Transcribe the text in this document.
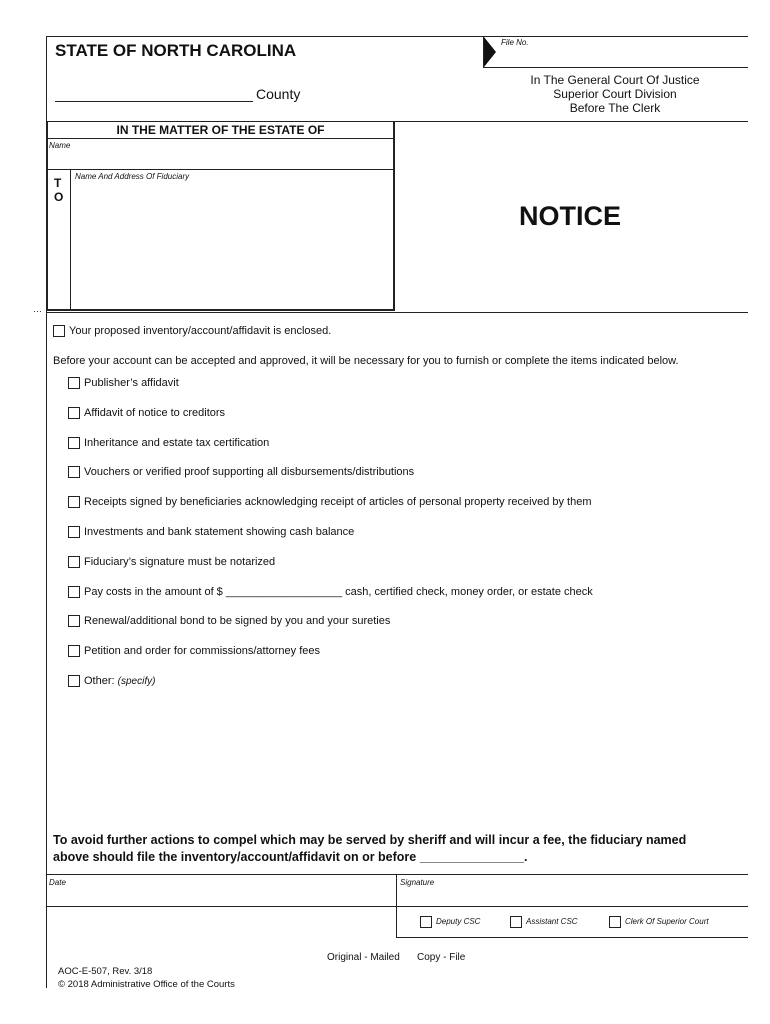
STATE OF NORTH CAROLINA
County
File No.
In The General Court Of Justice
Superior Court Division
Before The Clerk
IN THE MATTER OF THE ESTATE OF
Name
T
O
Name And Address Of Fiduciary
NOTICE
…
Your proposed inventory/account/affidavit is enclosed.
Before your account can be accepted and approved, it will be necessary for you to furnish or complete the items indicated below.
Publisher’s affidavit
Affidavit of notice to creditors
Inheritance and estate tax certification
Vouchers or verified proof supporting all disbursements/distributions
Receipts signed by beneficiaries acknowledging receipt of articles of personal property received by them
Investments and bank statement showing cash balance
Fiduciary’s signature must be notarized
Pay costs in the amount of $ ___________________ cash, certified check, money order, or estate check
Renewal/additional bond to be signed by you and your sureties
Petition and order for commissions/attorney fees
Other: (specify)
To avoid further actions to compel which may be served by sheriff and will incur a fee, the fiduciary named
above should file the inventory/account/affidavit on or before _______________.
Date	Signature
Deputy CSC	Assistant CSC	Clerk Of Superior Court
Original - Mailed Copy - File
AOC-E-507, Rev. 3/18
© 2018 Administrative Office of the Courts
